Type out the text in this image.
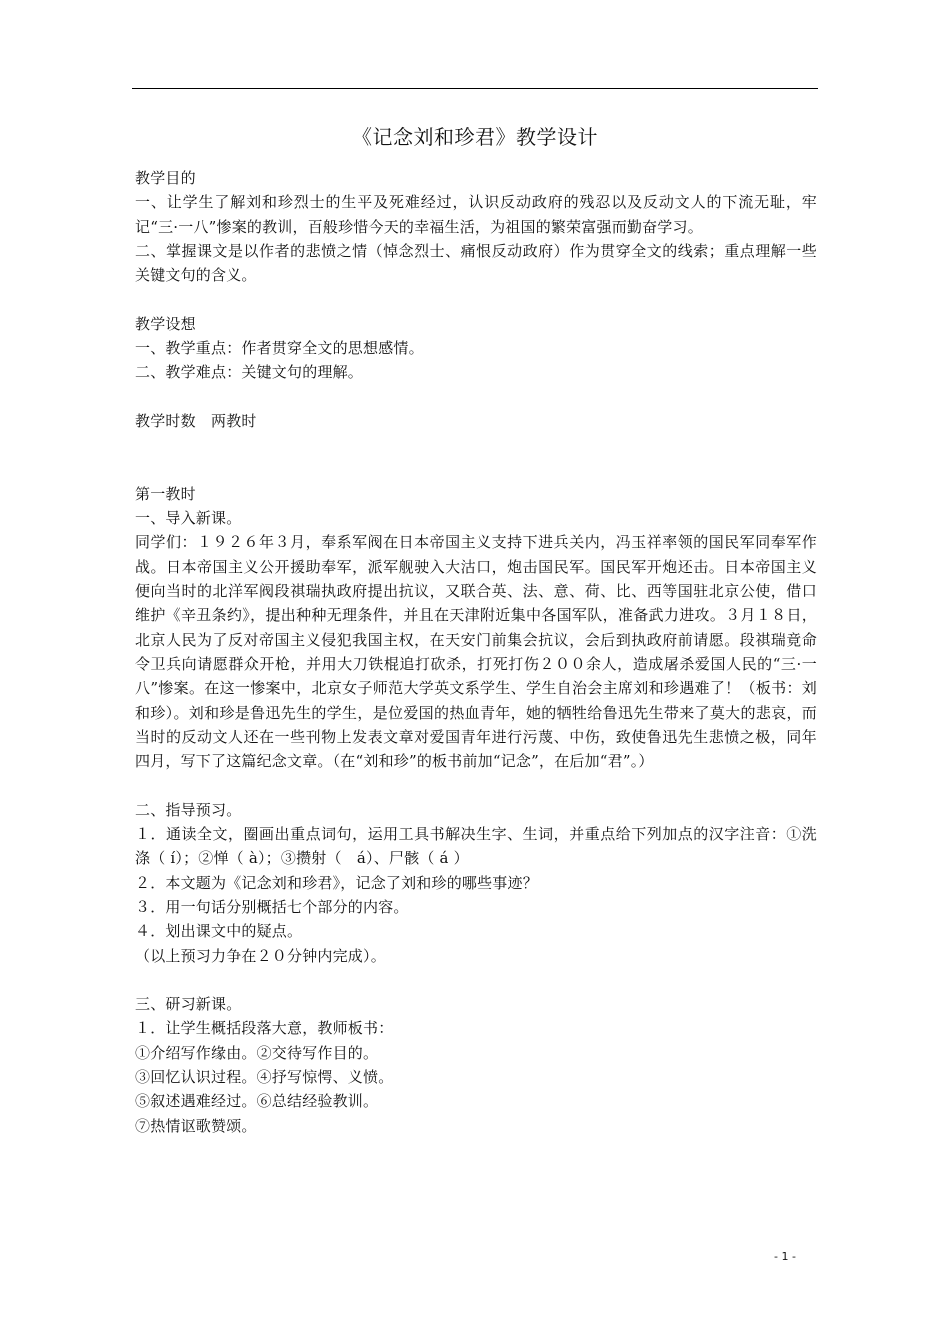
《记念刘和珍君》教学设计

教学目的

一、让学生了解刘和珍烈士的生平及死难经过，认识反动政府的残忍以及反动文人的下流无耻，牢记“三·一八”惨案的教训，百般珍惜今天的幸福生活，为祖国的繁荣富强而勤奋学习。

二、掌握课文是以作者的悲愤之情（悼念烈士、痛恨反动政府）作为贯穿全文的线索；重点理解一些关键文句的含义。

教学设想

一、教学重点：作者贯穿全文的思想感情。

二、教学难点：关键文句的理解。

教学时数　两教时

第一教时

一、导入新课。

同学们：１９２６年３月，奉系军阀在日本帝国主义支持下进兵关内，冯玉祥率领的国民军同奉军作战。日本帝国主义公开援助奉军，派军舰驶入大沽口，炮击国民军。国民军开炮还击。日本帝国主义便向当时的北洋军阀段祺瑞执政府提出抗议，又联合英、法、意、荷、比、西等国驻北京公使，借口维护《辛丑条约》，提出种种无理条件，并且在天津附近集中各国军队，准备武力进攻。３月１８日，北京人民为了反对帝国主义侵犯我国主权，在天安门前集会抗议，会后到执政府前请愿。段祺瑞竟命令卫兵向请愿群众开枪，并用大刀铁棍追打砍杀，打死打伤２００余人，造成屠杀爱国人民的“三·一八”惨案。在这一惨案中，北京女子师范大学英文系学生、学生自治会主席刘和珍遇难了！（板书：刘和珍）。刘和珍是鲁迅先生的学生，是位爱国的热血青年，她的牺牲给鲁迅先生带来了莫大的悲哀，而当时的反动文人还在一些刊物上发表文章对爱国青年进行污蔑、中伤，致使鲁迅先生悲愤之极，同年四月，写下了这篇纪念文章。（在“刘和珍”的板书前加“记念”，在后加“君”。）

二、指导预习。

１．通读全文，圈画出重点词句，运用工具书解决生字、生词，并重点给下列加点的汉字注音：①洗涤（ í）；②惮（ à）；③攒射（　á）、尸骸（ á ）

２．本文题为《记念刘和珍君》，记念了刘和珍的哪些事迹？

３．用一句话分别概括七个部分的内容。

４．划出课文中的疑点。

（以上预习力争在２０分钟内完成）。

三、研习新课。

１．让学生概括段落大意，教师板书：

①介绍写作缘由。②交待写作目的。

③回忆认识过程。④抒写惊愕、义愤。

⑤叙述遇难经过。⑥总结经验教训。

⑦热情讴歌赞颂。

- 1 -
